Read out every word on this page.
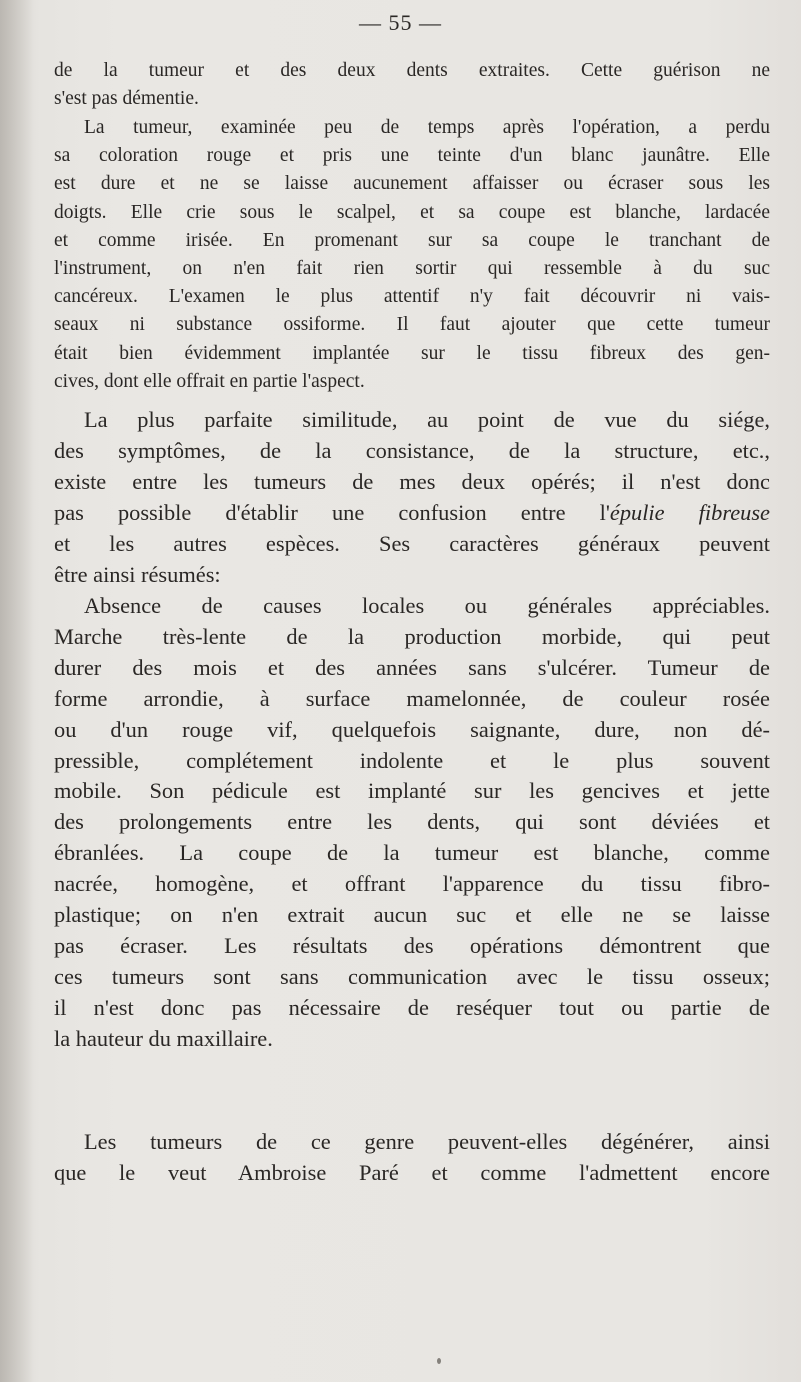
— 55 —
de la tumeur et des deux dents extraites. Cette guérison ne
s'est pas démentie.
La tumeur, examinée peu de temps après l'opération, a perdu
sa coloration rouge et pris une teinte d'un blanc jaunâtre. Elle
est dure et ne se laisse aucunement affaisser ou écraser sous les
doigts. Elle crie sous le scalpel, et sa coupe est blanche, lardacée
et comme irisée. En promenant sur sa coupe le tranchant de
l'instrument, on n'en fait rien sortir qui ressemble à du suc
cancéreux. L'examen le plus attentif n'y fait découvrir ni vais-
seaux ni substance ossiforme. Il faut ajouter que cette tumeur
était bien évidemment implantée sur le tissu fibreux des gen-
cives, dont elle offrait en partie l'aspect.
La plus parfaite similitude, au point de vue du siége,
des symptômes, de la consistance, de la structure, etc.,
existe entre les tumeurs de mes deux opérés; il n'est donc
pas possible d'établir une confusion entre l'épulie fibreuse
et les autres espèces. Ses caractères généraux peuvent
être ainsi résumés:
Absence de causes locales ou générales appréciables.
Marche très-lente de la production morbide, qui peut
durer des mois et des années sans s'ulcérer. Tumeur de
forme arrondie, à surface mamelonnée, de couleur rosée
ou d'un rouge vif, quelquefois saignante, dure, non dé-
pressible, complétement indolente et le plus souvent
mobile. Son pédicule est implanté sur les gencives et jette
des prolongements entre les dents, qui sont déviées et
ébranlées. La coupe de la tumeur est blanche, comme
nacrée, homogène, et offrant l'apparence du tissu fibro-
plastique; on n'en extrait aucun suc et elle ne se laisse
pas écraser. Les résultats des opérations démontrent que
ces tumeurs sont sans communication avec le tissu osseux;
il n'est donc pas nécessaire de reséquer tout ou partie de
la hauteur du maxillaire.
Les tumeurs de ce genre peuvent-elles dégénérer, ainsi
que le veut Ambroise Paré et comme l'admettent encore
